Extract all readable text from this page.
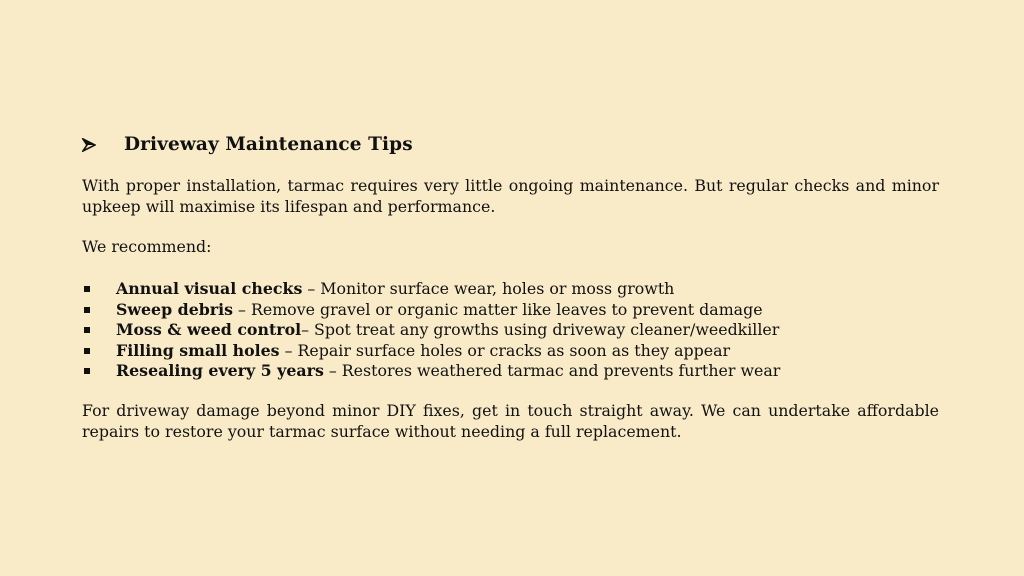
Driveway Maintenance Tips

With proper installation, tarmac requires very little ongoing maintenance. But regular checks and minor upkeep will maximise its lifespan and performance.

We recommend:

Annual visual checks – Monitor surface wear, holes or moss growth
Sweep debris – Remove gravel or organic matter like leaves to prevent damage
Moss & weed control– Spot treat any growths using driveway cleaner/weedkiller
Filling small holes – Repair surface holes or cracks as soon as they appear
Resealing every 5 years – Restores weathered tarmac and prevents further wear

For driveway damage beyond minor DIY fixes, get in touch straight away. We can undertake affordable repairs to restore your tarmac surface without needing a full replacement.
